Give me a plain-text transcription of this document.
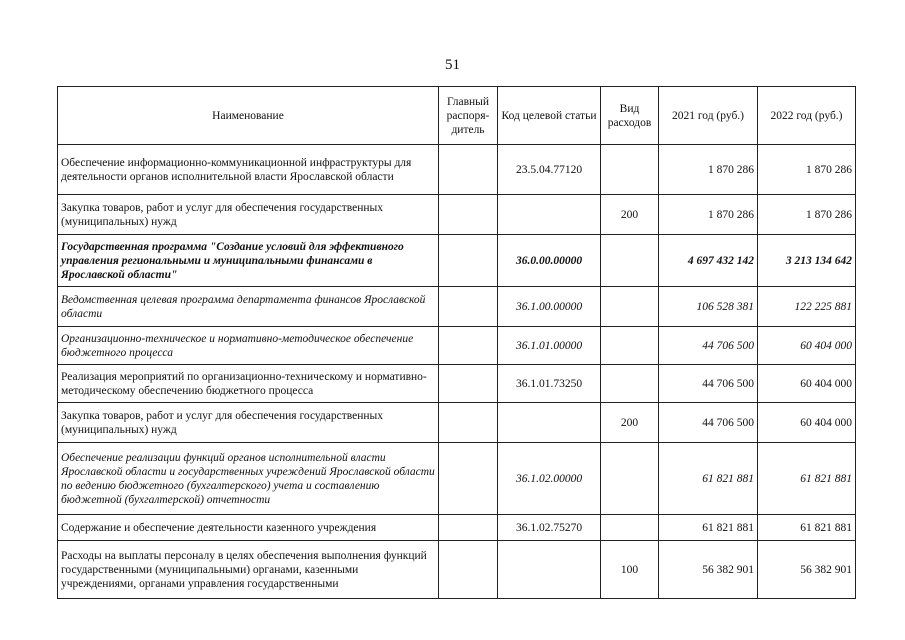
51
Наименование	Главный распоря-дитель	Код целевой статьи	Вид расходов	2021 год (руб.)	2022 год (руб.)
Обеспечение информационно-коммуникационной инфраструктуры для деятельности органов исполнительной власти Ярославской области		23.5.04.77120		1 870 286	1 870 286
Закупка товаров, работ и услуг для обеспечения государственных (муниципальных) нужд			200	1 870 286	1 870 286
Государственная программа "Создание условий для эффективного управления региональными и муниципальными финансами в Ярославской области"		36.0.00.00000		4 697 432 142	3 213 134 642
Ведомственная целевая программа департамента финансов Ярославской области		36.1.00.00000		106 528 381	122 225 881
Организационно-техническое и нормативно-методическое обеспечение бюджетного процесса		36.1.01.00000		44 706 500	60 404 000
Реализация мероприятий по организационно-техническому и нормативно-методическому обеспечению бюджетного процесса		36.1.01.73250		44 706 500	60 404 000
Закупка товаров, работ и услуг для обеспечения государственных (муниципальных) нужд			200	44 706 500	60 404 000
Обеспечение реализации функций органов исполнительной власти Ярославской области и государственных учреждений Ярославской области по ведению бюджетного (бухгалтерского) учета и составлению бюджетной (бухгалтерской) отчетности		36.1.02.00000		61 821 881	61 821 881
Содержание и обеспечение деятельности казенного учреждения		36.1.02.75270		61 821 881	61 821 881
Расходы на выплаты персоналу в целях обеспечения выполнения функций государственными (муниципальными) органами, казенными учреждениями, органами управления государственными			100	56 382 901	56 382 901
